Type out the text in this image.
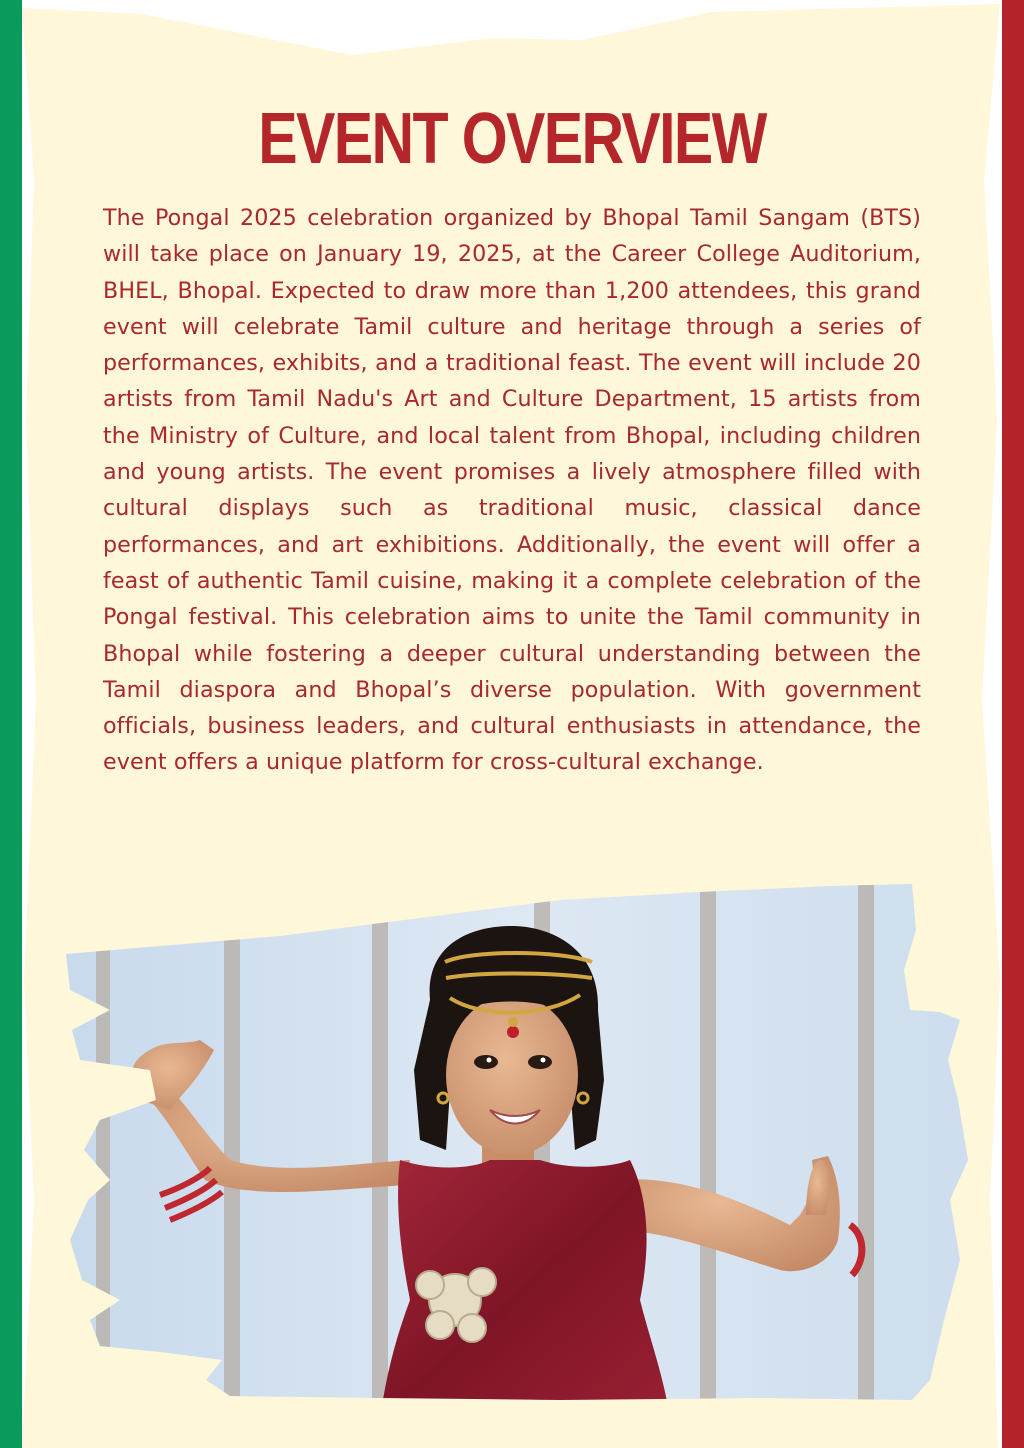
EVENT OVERVIEW

The Pongal 2025 celebration organized by Bhopal Tamil Sangam (BTS) will take place on January 19, 2025, at the Career College Auditorium, BHEL, Bhopal. Expected to draw more than 1,200 attendees, this grand event will celebrate Tamil culture and heritage through a series of performances, exhibits, and a traditional feast. The event will include 20 artists from Tamil Nadu's Art and Culture Department, 15 artists from the Ministry of Culture, and local talent from Bhopal, including children and young artists. The event promises a lively atmosphere filled with cultural displays such as traditional music, classical dance performances, and art exhibitions. Additionally, the event will offer a feast of authentic Tamil cuisine, making it a complete celebration of the Pongal festival. This celebration aims to unite the Tamil community in Bhopal while fostering a deeper cultural understanding between the Tamil diaspora and Bhopal’s diverse population. With government officials, business leaders, and cultural enthusiasts in attendance, the event offers a unique platform for cross-cultural exchange.
